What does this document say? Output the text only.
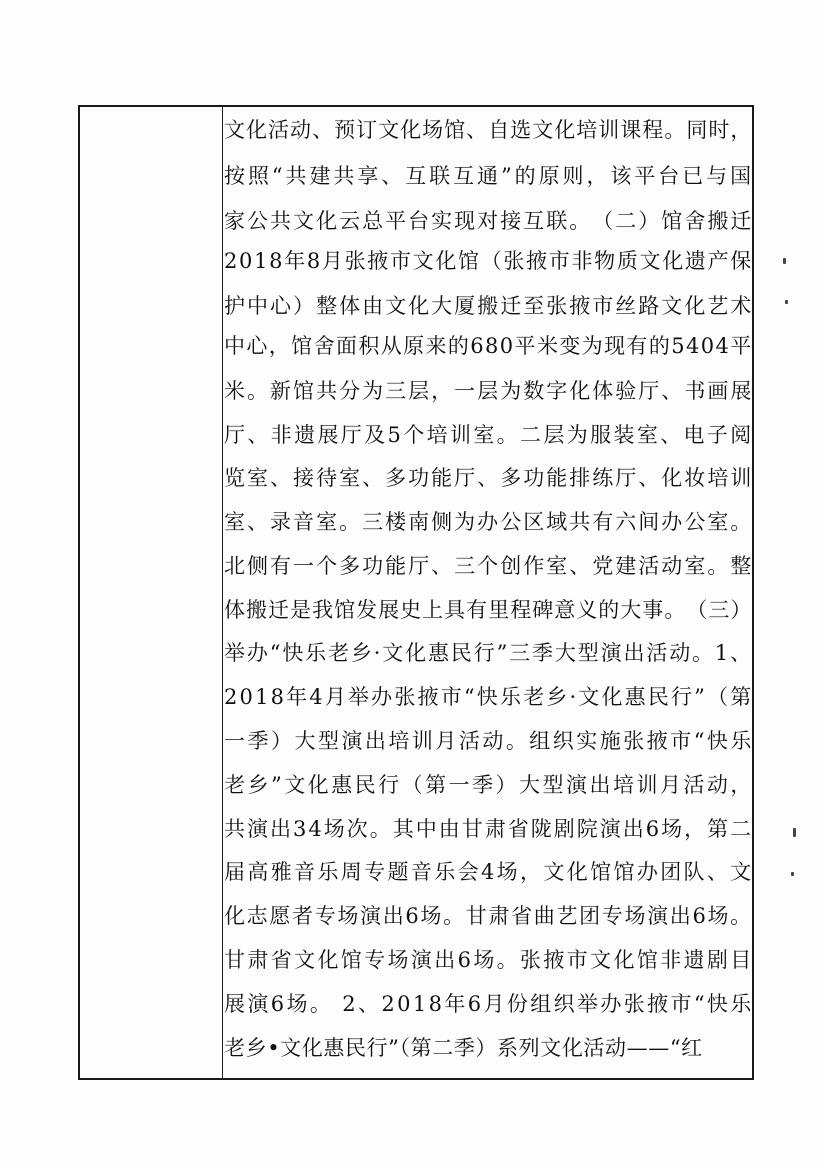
文 化 活 动 、 预 订 文 化 场 馆 、 自 选 文 化 培 训 课 程 。 同 时 ，
按 照 “ 共 建 共 享 、 互 联 互 通 ” 的 原 则 ， 该 平 台 已 与 国
家 公 共 文 化 云 总 平 台 实 现 对 接 互 联 。 （ 二 ） 馆 舍 搬 迁
2 0 1 8 年 8 月 张 掖 市 文 化 馆 （ 张 掖 市 非 物 质 文 化 遗 产 保
护 中 心 ） 整 体 由 文 化 大 厦 搬 迁 至 张 掖 市 丝 路 文 化 艺 术
中 心 ， 馆 舍 面 积 从 原 来 的 6 8 0 平 米 变 为 现 有 的 5 4 0 4 平
米 。 新 馆 共 分 为 三 层 ， 一 层 为 数 字 化 体 验 厅 、 书 画 展
厅 、 非 遗 展 厅 及 5 个 培 训 室 。 二 层 为 服 装 室 、 电 子 阅
览 室 、 接 待 室 、 多 功 能 厅 、 多 功 能 排 练 厅 、 化 妆 培 训
室 、 录 音 室 。 三 楼 南 侧 为 办 公 区 域 共 有 六 间 办 公 室 。
北 侧 有 一 个 多 功 能 厅 、 三 个 创 作 室 、 党 建 活 动 室 。 整
体 搬 迁 是 我 馆 发 展 史 上 具 有 里 程 碑 意 义 的 大 事 。 （ 三 ）
举 办 “ 快 乐 老 乡 · 文 化 惠 民 行 ” 三 季 大 型 演 出 活 动 。 1 、
2 0 1 8 年 4 月 举 办 张 掖 市 “ 快 乐 老 乡 · 文 化 惠 民 行 ” （ 第
一 季 ） 大 型 演 出 培 训 月 活 动 。 组 织 实 施 张 掖 市 “ 快 乐
老 乡 ” 文 化 惠 民 行 （ 第 一 季 ） 大 型 演 出 培 训 月 活 动 ，
共 演 出 3 4 场 次 。 其 中 由 甘 肃 省 陇 剧 院 演 出 6 场 ， 第 二
届 高 雅 音 乐 周 专 题 音 乐 会 4 场 ， 文 化 馆 馆 办 团 队 、 文
化 志 愿 者 专 场 演 出 6 场 。 甘 肃 省 曲 艺 团 专 场 演 出 6 场 。
甘 肃 省 文 化 馆 专 场 演 出 6 场 。 张 掖 市 文 化 馆 非 遗 剧 目
展 演 6 场 。
2 、 2 0 1 8 年 6 月 份 组 织 举 办 张 掖 市 “ 快 乐
老乡•文化惠民行”（第二季）系列文化活动——“红
